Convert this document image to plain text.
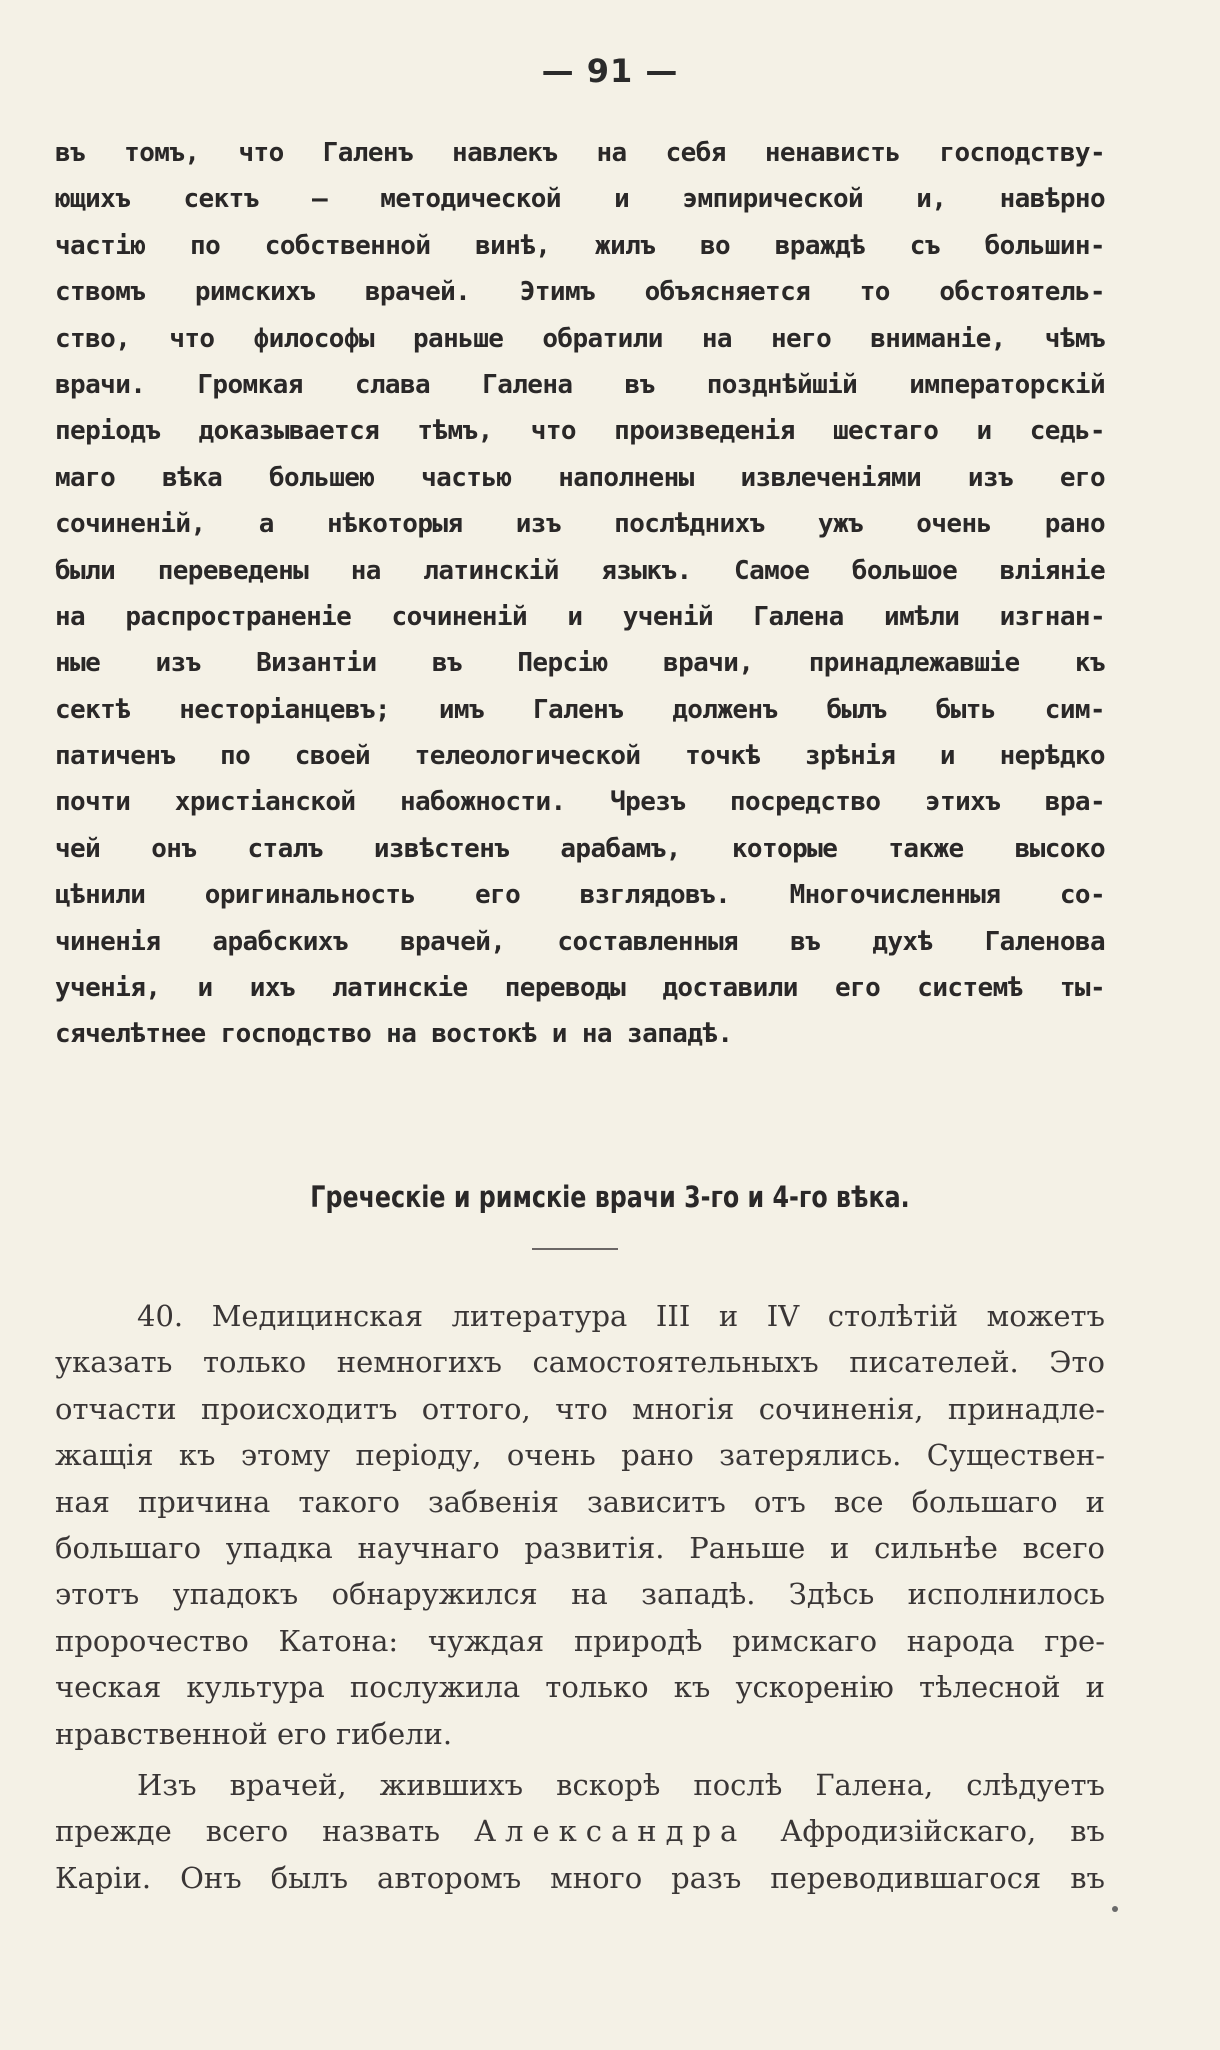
— 91 —
въ томъ, что Галенъ навлекъ на себя ненависть господству-
ющихъ сектъ — методической и эмпирической и, навѣрно
частію по собственной винѣ, жилъ во враждѣ съ большин-
ствомъ римскихъ врачей. Этимъ объясняется то обстоятель-
ство, что философы раньше обратили на него вниманіе, чѣмъ
врачи. Громкая слава Галена въ позднѣйшій императорскій
періодъ доказывается тѣмъ, что произведенія шестаго и седь-
маго вѣка большею частью наполнены извлеченіями изъ его
сочиненій, а нѣкоторыя изъ послѣднихъ ужъ очень рано
были переведены на латинскій языкъ. Самое большое вліяніе
на распространеніе сочиненій и ученій Галена имѣли изгнан-
ные изъ Византіи въ Персію врачи, принадлежавшіе къ
сектѣ несторіанцевъ; имъ Галенъ долженъ былъ быть сим-
патиченъ по своей телеологической точкѣ зрѣнія и нерѣдко
почти христіанской набожности. Чрезъ посредство этихъ вра-
чей онъ сталъ извѣстенъ арабамъ, которые также высоко
цѣнили оригинальность его взглядовъ. Многочисленныя со-
чиненія арабскихъ врачей, составленныя въ духѣ Галенова
ученія, и ихъ латинскіе переводы доставили его системѣ ты-
сячелѣтнее господство на востокѣ и на западѣ.
Греческіе и римскіе врачи 3-го и 4-го вѣка.
40. Медицинская литература III и IV столѣтій можетъ
указать только немногихъ самостоятельныхъ писателей. Это
отчасти происходитъ оттого, что многія сочиненія, принадле-
жащія къ этому періоду, очень рано затерялись. Существен-
ная причина такого забвенія зависитъ отъ все большаго и
большаго упадка научнаго развитія. Раньше и сильнѣе всего
этотъ упадокъ обнаружился на западѣ. Здѣсь исполнилось
пророчество Катона: чуждая природѣ римскаго народа гре-
ческая культура послужила только къ ускоренію тѣлесной и
нравственной его гибели.
Изъ врачей, жившихъ вскорѣ послѣ Галена, слѣдуетъ
прежде всего назвать Александра Афродизійскаго, въ
Каріи. Онъ былъ авторомъ много разъ переводившагося въ
